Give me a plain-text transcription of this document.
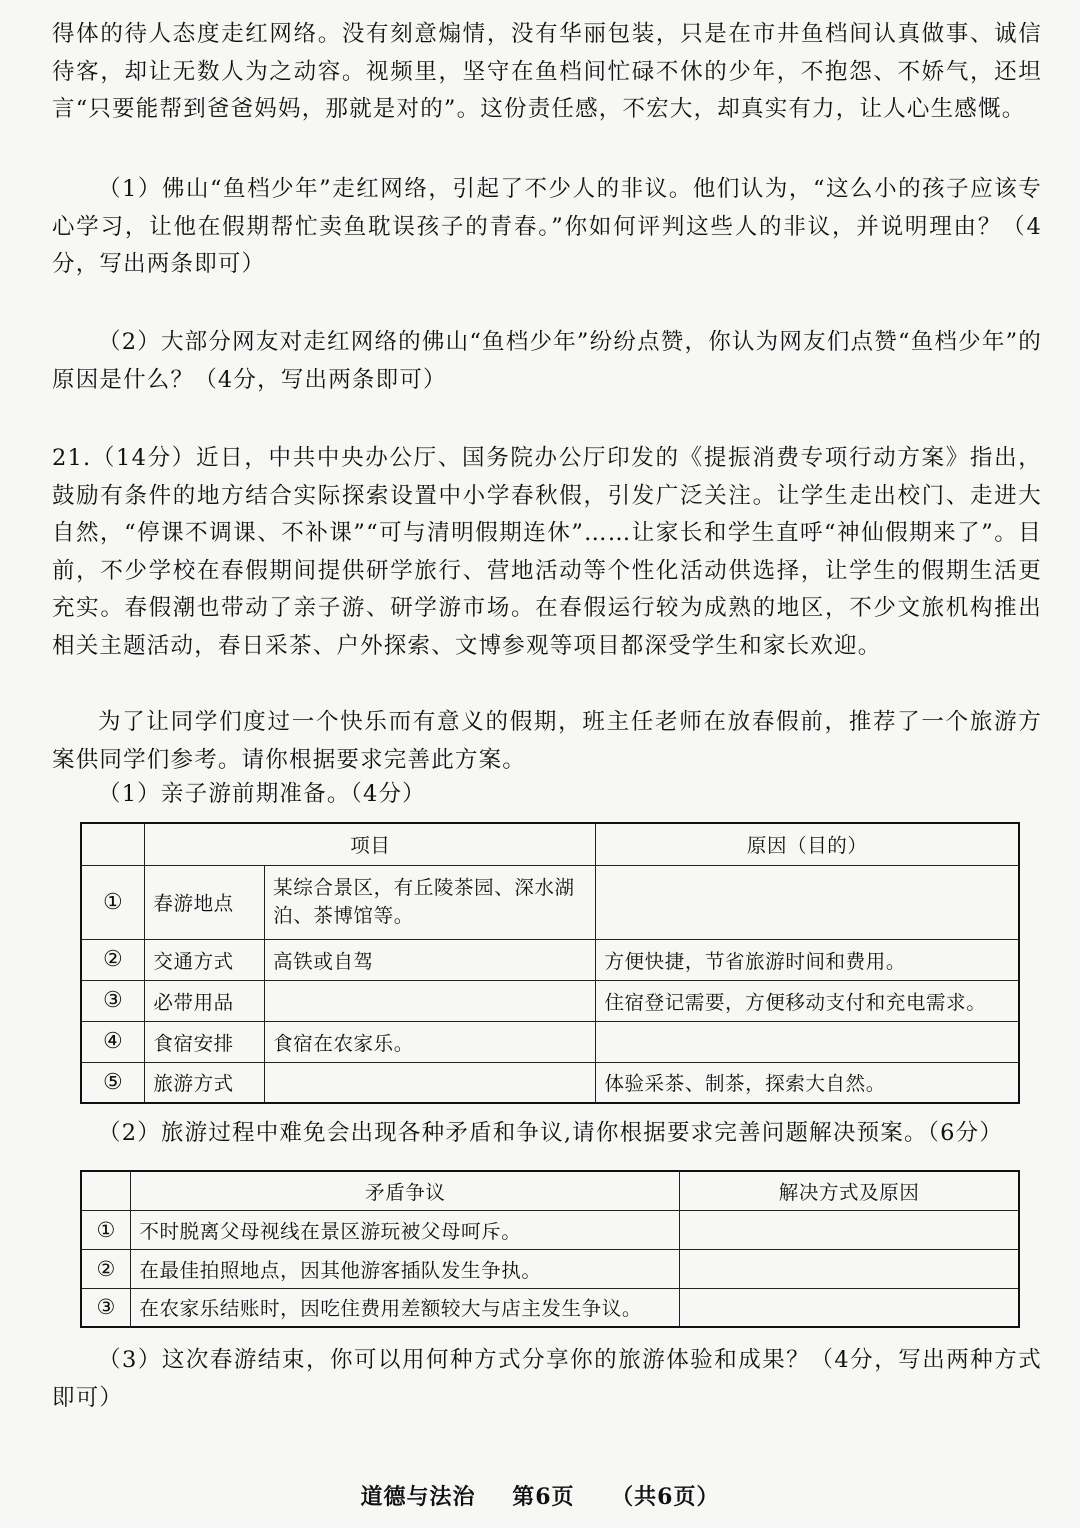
得体的待人态度走红网络。没有刻意煽情，没有华丽包装，只是在市井鱼档间认真做事、诚信待客，却让无数人为之动容。视频里，坚守在鱼档间忙碌不休的少年，不抱怨、不娇气，还坦言“只要能帮到爸爸妈妈，那就是对的”。这份责任感，不宏大，却真实有力，让人心生感慨。

（1）佛山“鱼档少年”走红网络，引起了不少人的非议。他们认为，“这么小的孩子应该专心学习，让他在假期帮忙卖鱼耽误孩子的青春。”你如何评判这些人的非议，并说明理由？（4分，写出两条即可）

（2）大部分网友对走红网络的佛山“鱼档少年”纷纷点赞，你认为网友们点赞“鱼档少年”的原因是什么？（4分，写出两条即可）

21.（14分）近日，中共中央办公厅、国务院办公厅印发的《提振消费专项行动方案》指出，鼓励有条件的地方结合实际探索设置中小学春秋假，引发广泛关注。让学生走出校门、走进大自然，“停课不调课、不补课”“可与清明假期连休”……让家长和学生直呼“神仙假期来了”。目前，不少学校在春假期间提供研学旅行、营地活动等个性化活动供选择，让学生的假期生活更充实。春假潮也带动了亲子游、研学游市场。在春假运行较为成熟的地区，不少文旅机构推出相关主题活动，春日采茶、户外探索、文博参观等项目都深受学生和家长欢迎。

为了让同学们度过一个快乐而有意义的假期，班主任老师在放春假前，推荐了一个旅游方案供同学们参考。请你根据要求完善此方案。

（1）亲子游前期准备。（4分）

	项目		原因（目的）
①	春游地点	某综合景区，有丘陵茶园、深水湖泊、茶博馆等。	
②	交通方式	高铁或自驾	方便快捷，节省旅游时间和费用。
③	必带用品		住宿登记需要，方便移动支付和充电需求。
④	食宿安排	食宿在农家乐。	
⑤	旅游方式		体验采茶、制茶，探索大自然。

（2）旅游过程中难免会出现各种矛盾和争议,请你根据要求完善问题解决预案。（6分）

	矛盾争议	解决方式及原因
①	不时脱离父母视线在景区游玩被父母呵斥。	
②	在最佳拍照地点，因其他游客插队发生争执。	
③	在农家乐结账时，因吃住费用差额较大与店主发生争议。	

（3）这次春游结束，你可以用何种方式分享你的旅游体验和成果？（4分，写出两种方式即可）

道德与法治 第6页 （共6页）
